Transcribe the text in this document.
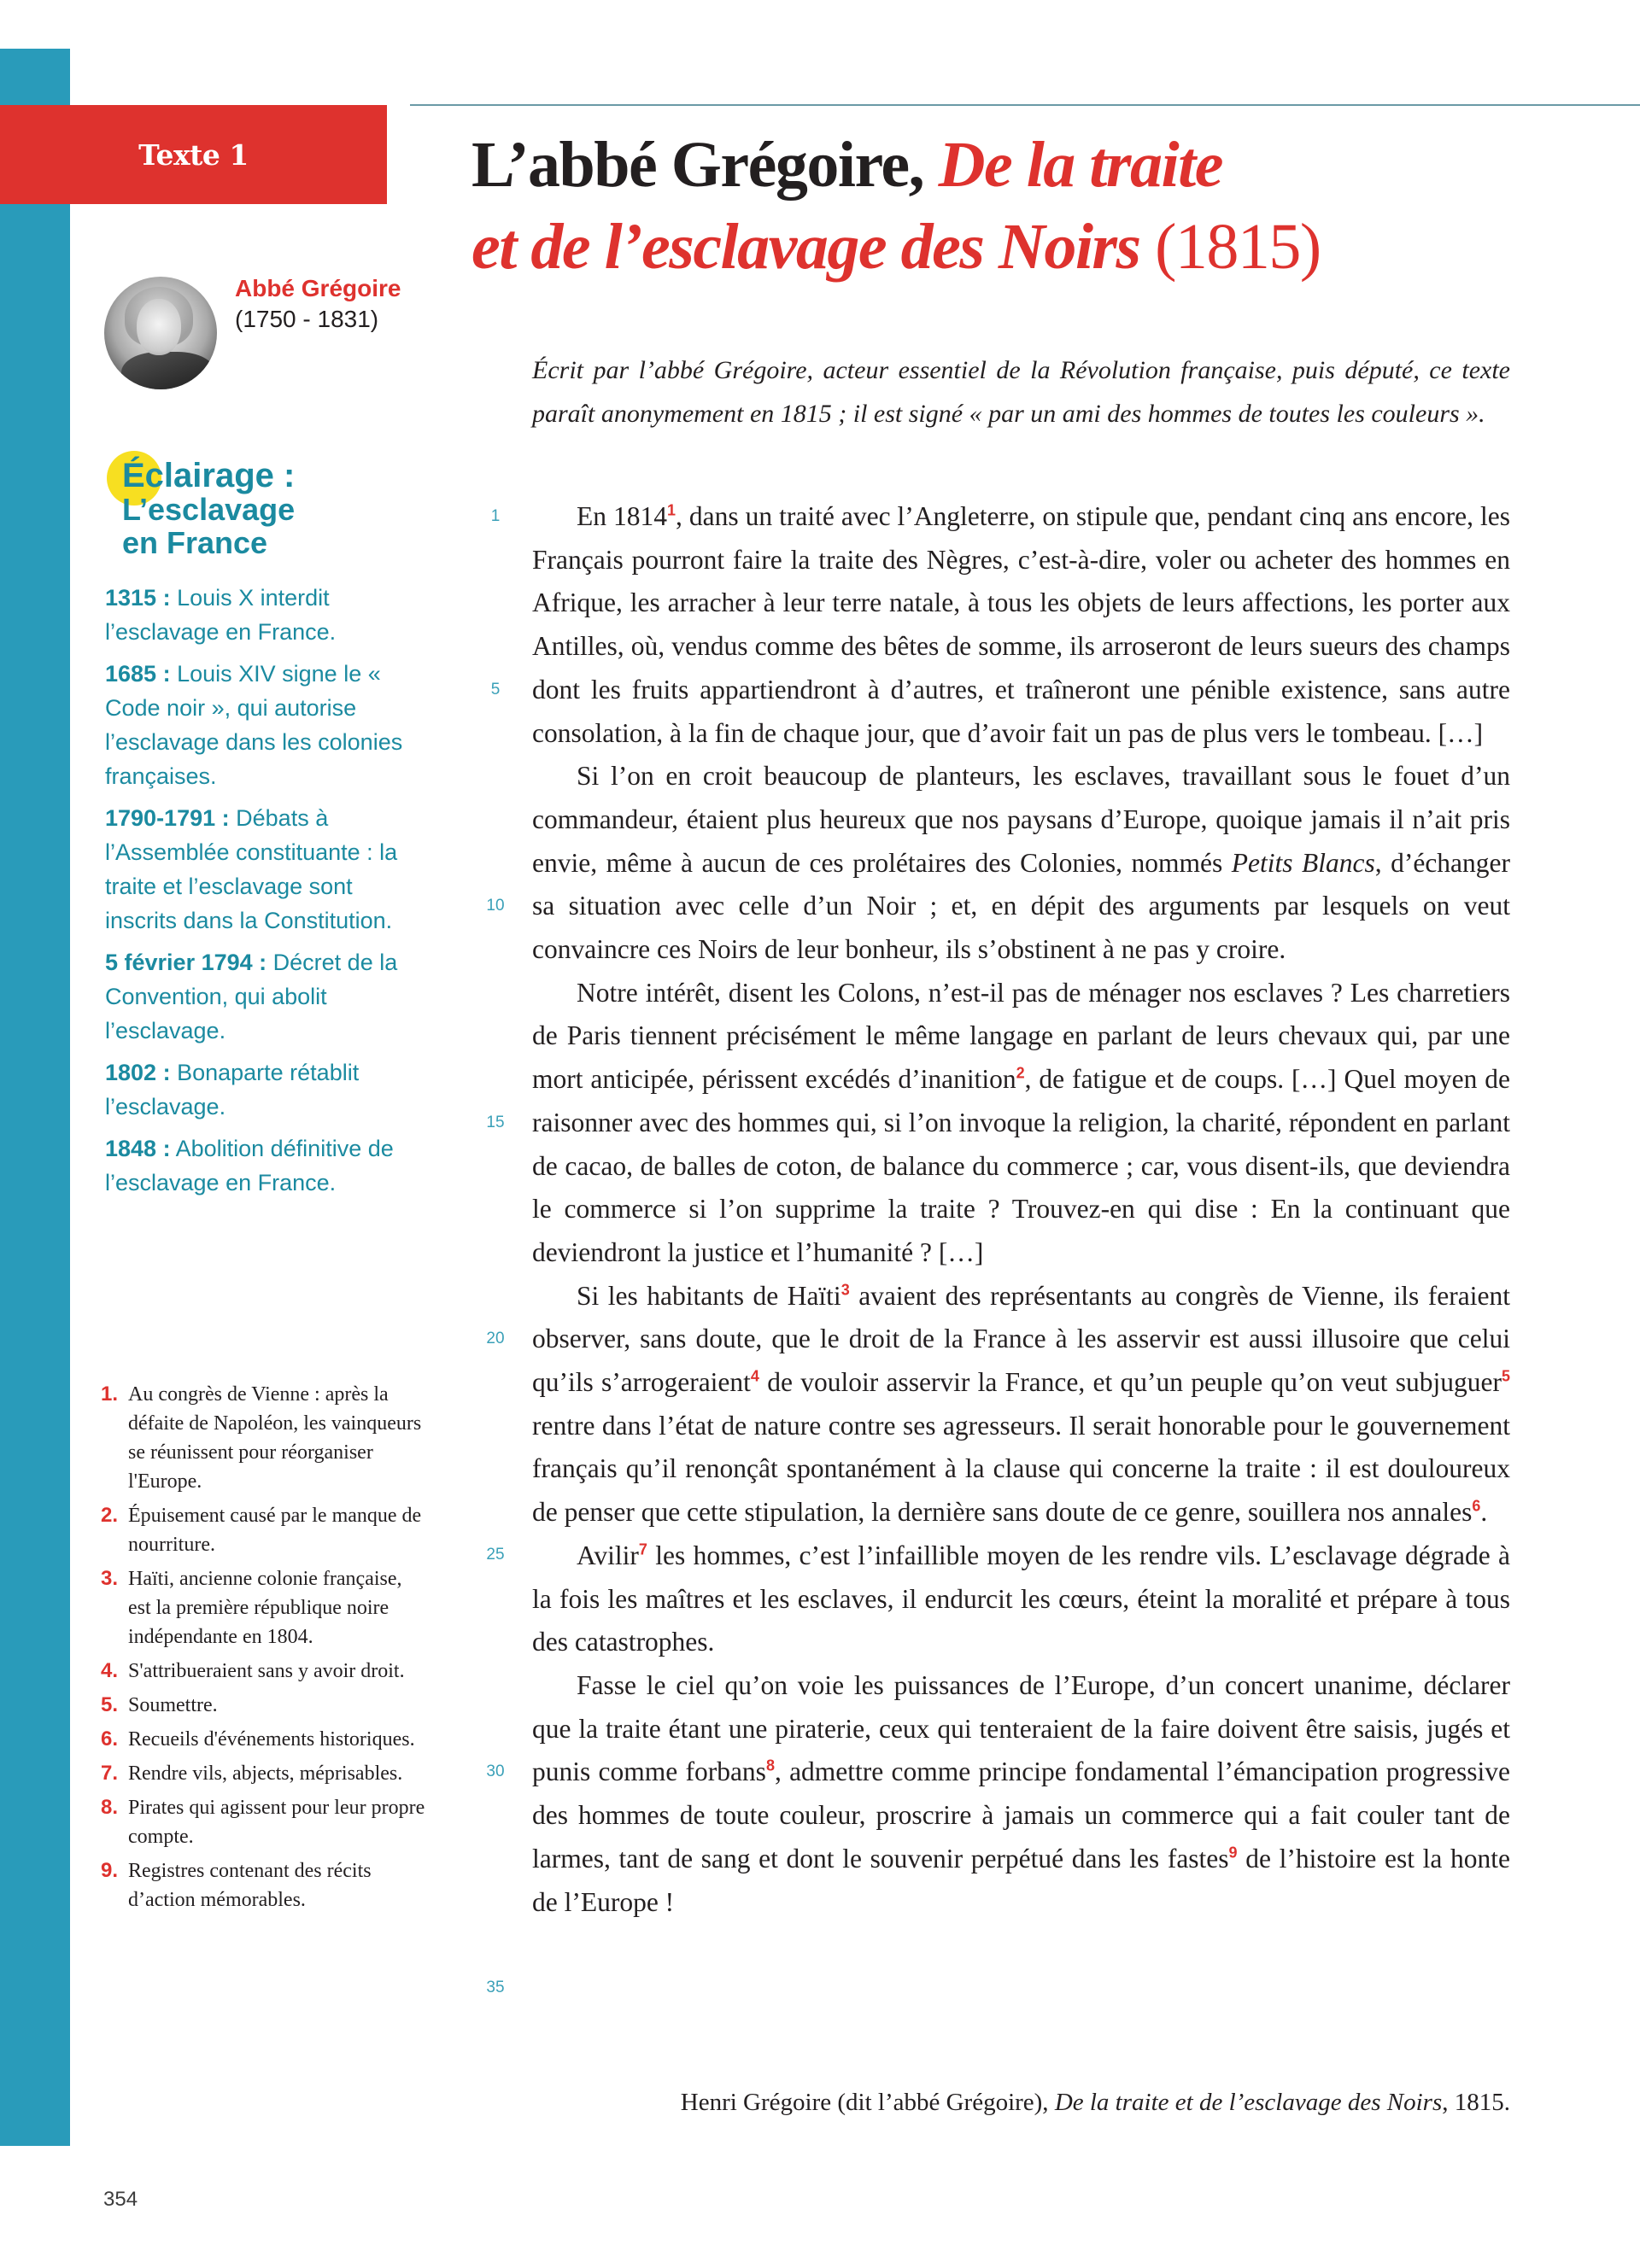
Texte 1	L’abbé Grégoire, De la traite
et de l’esclavage des Noirs (1815)
Abbé Grégoire
(1750 - 1831)
Éclairage :
L’esclavage
en France
1315 : Louis X interdit l’esclavage en France.
1685 : Louis XIV signe le « Code noir », qui autorise l’esclavage dans les colonies françaises.
1790-1791 : Débats à l’Assemblée constituante : la traite et l’esclavage sont inscrits dans la Constitution.
5 février 1794 : Décret de la Convention, qui abolit l’esclavage.
1802 : Bonaparte rétablit l’esclavage.
1848 : Abolition définitive de l’esclavage en France.
1. Au congrès de Vienne : après la défaite de Napoléon, les vainqueurs se réunissent pour réorganiser l'Europe.
2. Épuisement causé par le manque de nourriture.
3. Haïti, ancienne colonie française, est la première république noire indépendante en 1804.
4. S'attribueraient sans y avoir droit.
5. Soumettre.
6. Recueils d'événements historiques.
7. Rendre vils, abjects, méprisables.
8. Pirates qui agissent pour leur propre compte.
9. Registres contenant des récits d’action mémorables.
Écrit par l’abbé Grégoire, acteur essentiel de la Révolution française, puis député, ce texte paraît anonymement en 1815 ; il est signé « par un ami des hommes de toutes les couleurs ».
1
5
10
15
20
25
30
35

En 1814$^1$, dans un traité avec l’Angleterre, on stipule que, pendant cinq ans encore, les Français pourront faire la traite des Nègres, c’est-à-dire, voler ou acheter des hommes en Afrique, les arracher à leur terre natale, à tous les objets de leurs affections, les porter aux Antilles, où, vendus comme des bêtes de somme, ils arroseront de leurs sueurs des champs dont les fruits appartiendront à d’autres, et traîneront une pénible existence, sans autre consolation, à la fin de chaque jour, que d’avoir fait un pas de plus vers le tombeau. […]

Si l’on en croit beaucoup de planteurs, les esclaves, travaillant sous le fouet d’un commandeur, étaient plus heureux que nos paysans d’Europe, quoique jamais il n’ait pris envie, même à aucun de ces prolétaires des Colonies, nommés Petits Blancs, d’échanger sa situation avec celle d’un Noir ; et, en dépit des arguments par lesquels on veut convaincre ces Noirs de leur bonheur, ils s’obstinent à ne pas y croire.

Notre intérêt, disent les Colons, n’est-il pas de ménager nos esclaves ? Les charretiers de Paris tiennent précisément le même langage en parlant de leurs chevaux qui, par une mort anticipée, périssent excédés d’inanition$^2$, de fatigue et de coups. […] Quel moyen de raisonner avec des hommes qui, si l’on invoque la religion, la charité, répondent en parlant de cacao, de balles de coton, de balance du commerce ; car, vous disent-ils, que deviendra le commerce si l’on supprime la traite ? Trouvez-en qui dise : En la continuant que deviendront la justice et l’humanité ? […]

Si les habitants de Haïti$^3$ avaient des représentants au congrès de Vienne, ils feraient observer, sans doute, que le droit de la France à les asservir est aussi illusoire que celui qu’ils s’arrogeraient$^4$ de vouloir asservir la France, et qu’un peuple qu’on veut subjuguer$^5$ rentre dans l’état de nature contre ses agresseurs. Il serait honorable pour le gouvernement français qu’il renonçât spontanément à la clause qui concerne la traite : il est douloureux de penser que cette stipulation, la dernière sans doute de ce genre, souillera nos annales$^6$.

Avilir$^7$ les hommes, c’est l’infaillible moyen de les rendre vils. L’esclavage dégrade à la fois les maîtres et les esclaves, il endurcit les cœurs, éteint la moralité et prépare à tous des catastrophes.

Fasse le ciel qu’on voie les puissances de l’Europe, d’un concert unanime, déclarer que la traite étant une piraterie, ceux qui tenteraient de la faire doivent être saisis, jugés et punis comme forbans$^8$, admettre comme principe fondamental l’émancipation progressive des hommes de toute couleur, proscrire à jamais un commerce qui a fait couler tant de larmes, tant de sang et dont le souvenir perpétué dans les fastes$^9$ de l’histoire est la honte de l’Europe !

Henri Grégoire (dit l’abbé Grégoire), De la traite et de l’esclavage des Noirs, 1815.
354
